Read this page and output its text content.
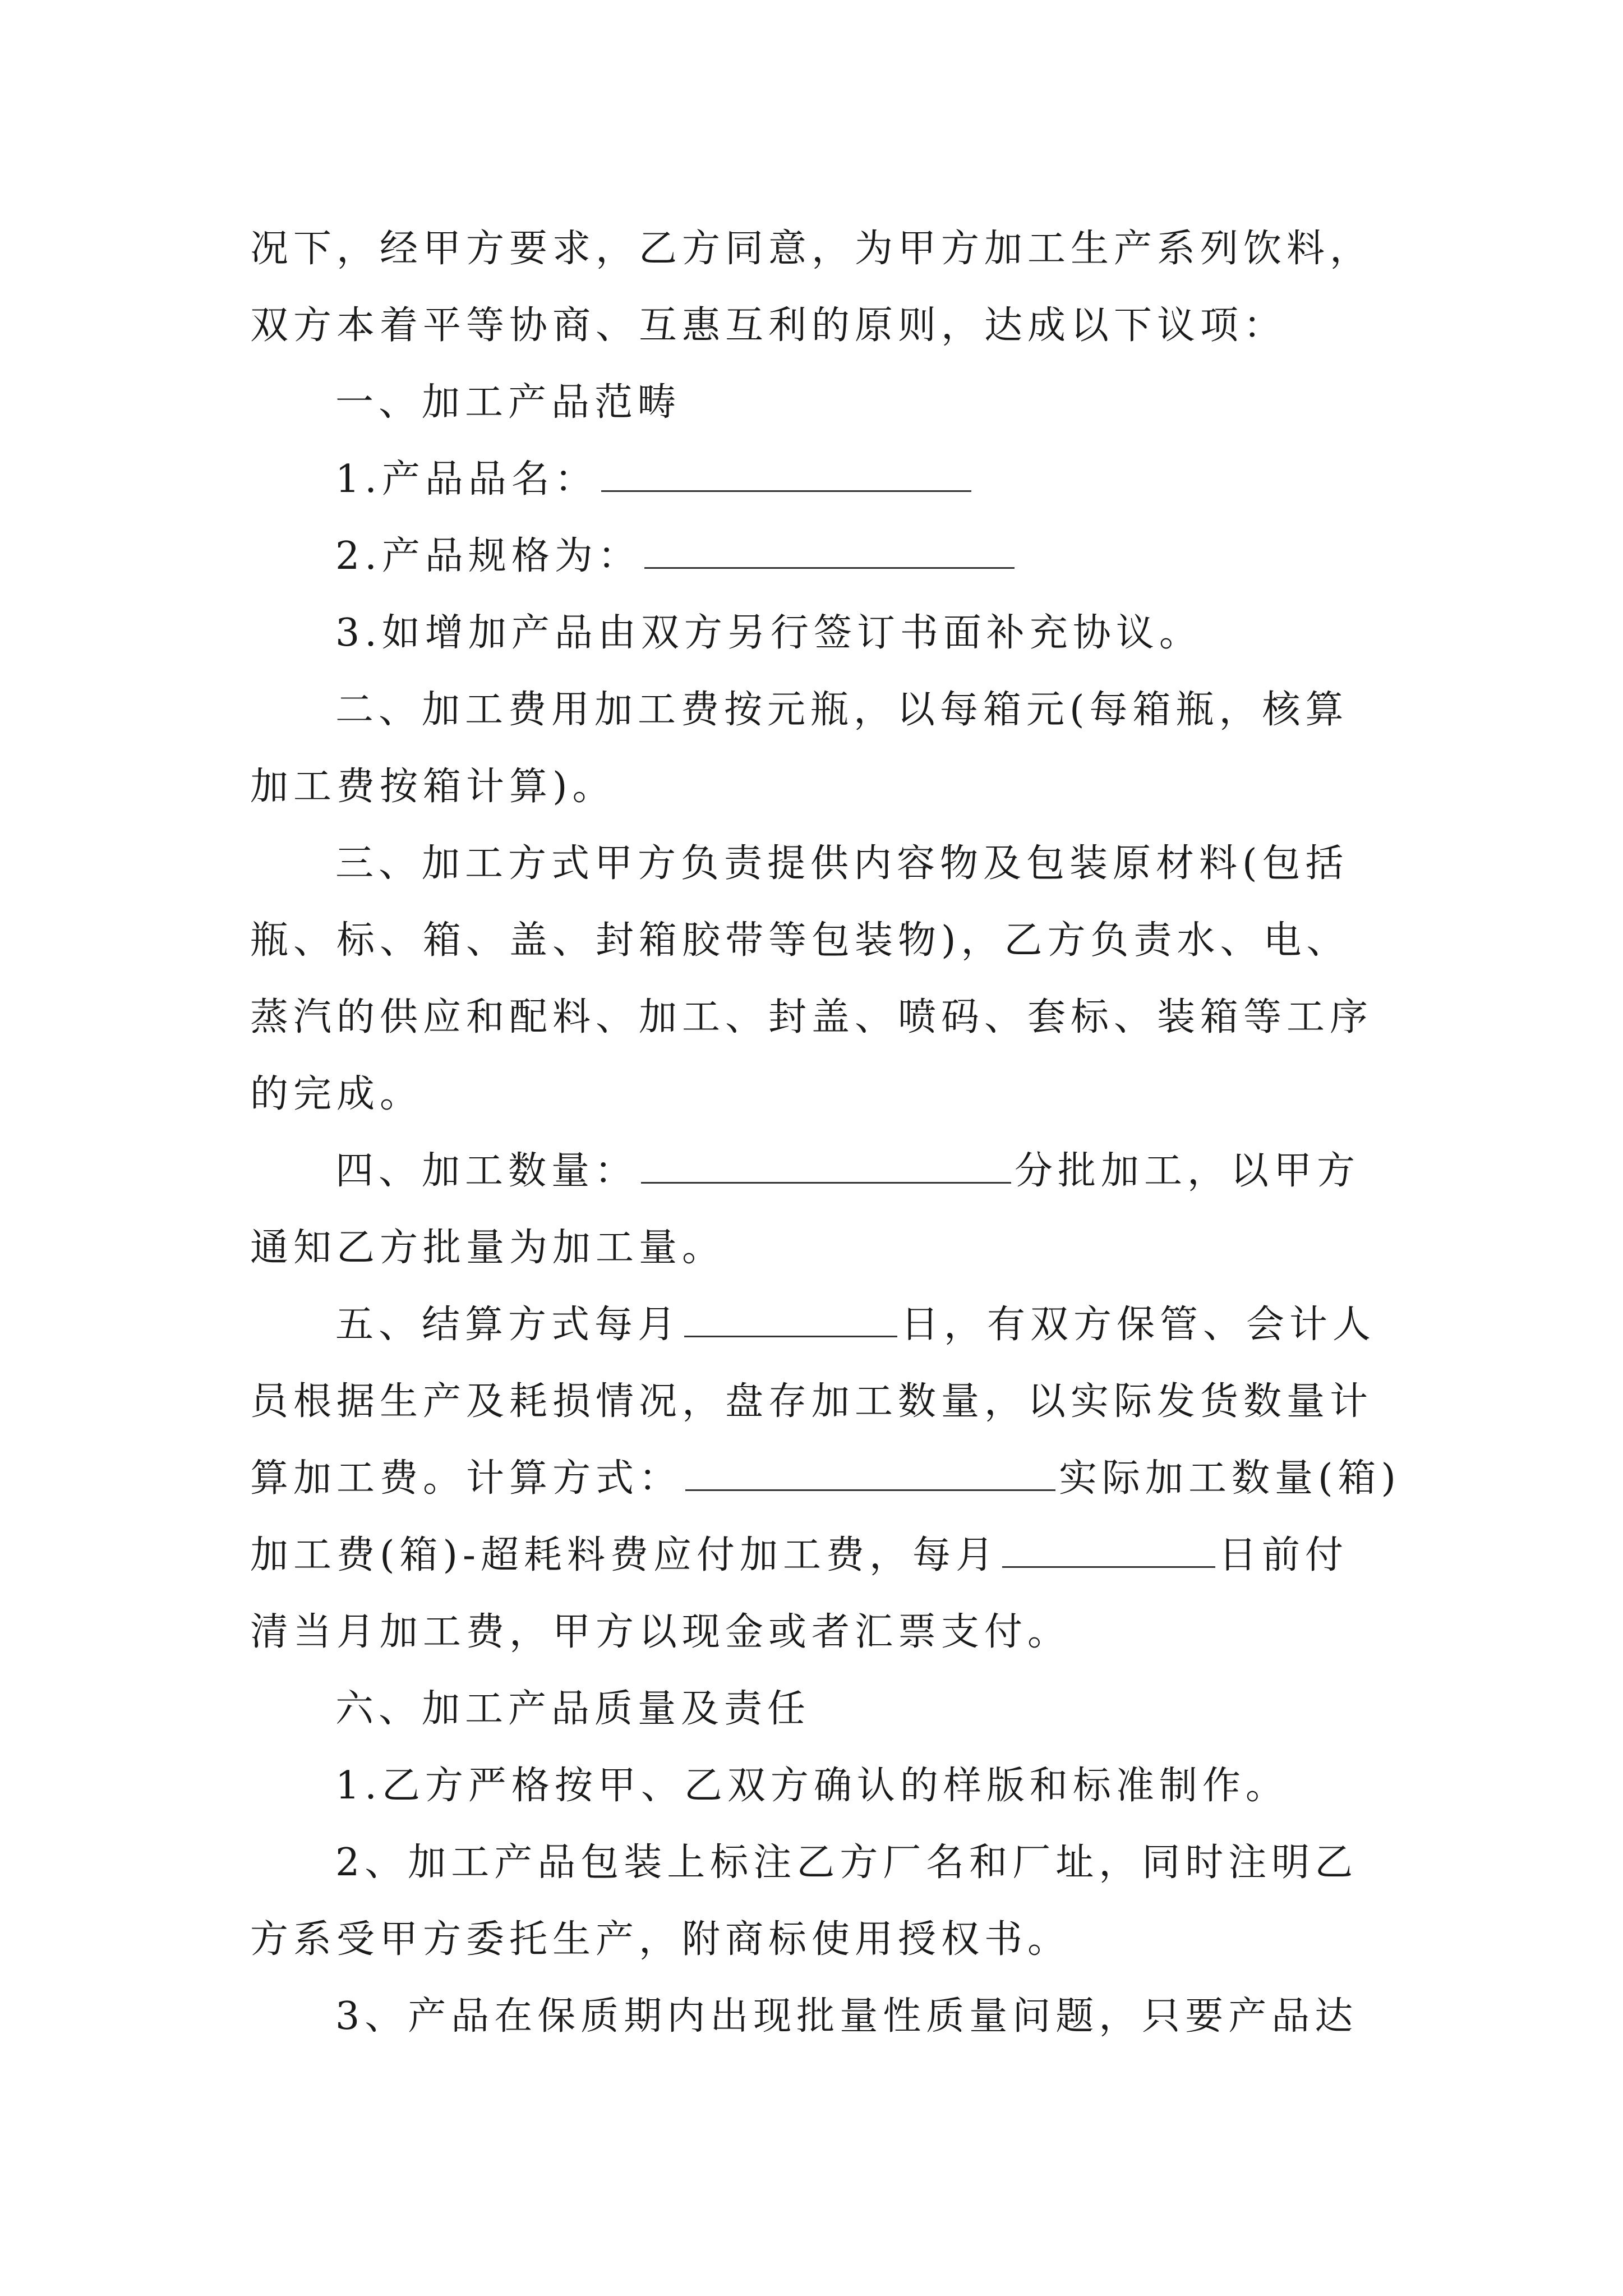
况下，经甲方要求，乙方同意，为甲方加工生产系列饮料，
双方本着平等协商、互惠互利的原则，达成以下议项：
一、加工产品范畴
1.产品品名：
2.产品规格为：
3.如增加产品由双方另行签订书面补充协议。
二、加工费用加工费按元瓶，以每箱元(每箱瓶，核算
加工费按箱计算)。
三、加工方式甲方负责提供内容物及包装原材料(包括
瓶、标、箱、盖、封箱胶带等包装物)，乙方负责水、电、
蒸汽的供应和配料、加工、封盖、喷码、套标、装箱等工序
的完成。
四、加工数量：	分批加工，以甲方
通知乙方批量为加工量。
五、结算方式每月	日，有双方保管、会计人
员根据生产及耗损情况，盘存加工数量，以实际发货数量计
算加工费。计算方式：	实际加工数量(箱)
加工费(箱)-超耗料费应付加工费，每月	日前付
清当月加工费，甲方以现金或者汇票支付。
六、加工产品质量及责任
1.乙方严格按甲、乙双方确认的样版和标准制作。
2、加工产品包装上标注乙方厂名和厂址，同时注明乙
方系受甲方委托生产，附商标使用授权书。
3、产品在保质期内出现批量性质量问题，只要产品达
